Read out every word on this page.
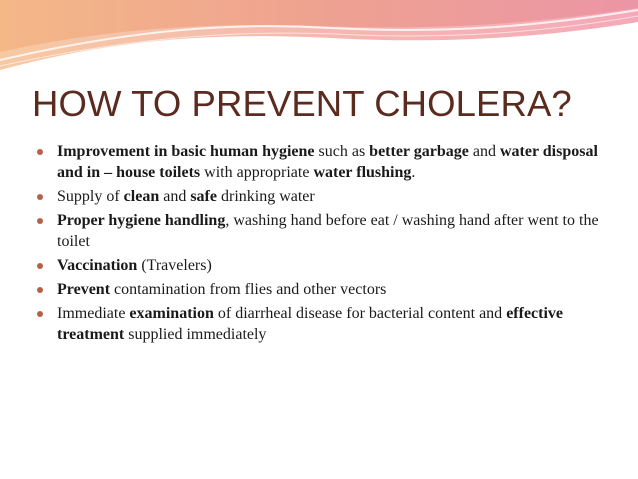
HOW TO PREVENT CHOLERA?
Improvement in basic human hygiene such as better garbage and water disposal and in – house toilets with appropriate water flushing.
Supply of clean and safe drinking water
Proper hygiene handling, washing hand before eat / washing hand after went to the toilet
Vaccination (Travelers)
Prevent contamination from flies and other vectors
Immediate examination of diarrheal disease for bacterial content and effective treatment supplied immediately
